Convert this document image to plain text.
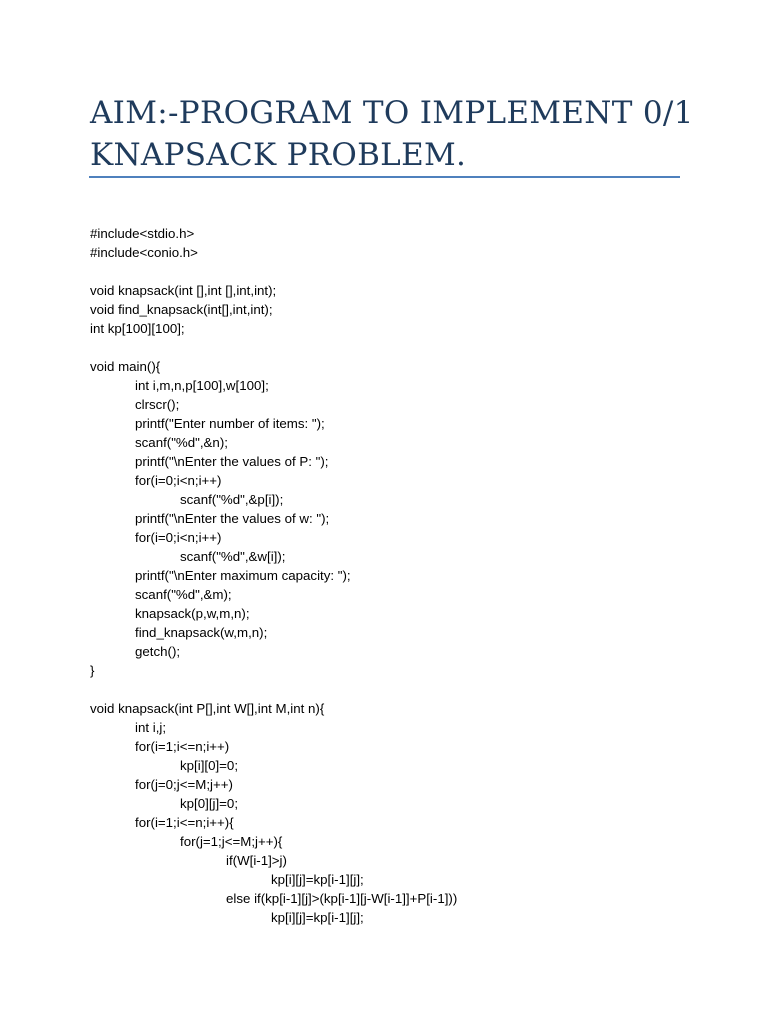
AIM:-PROGRAM TO IMPLEMENT 0/1
KNAPSACK PROBLEM.
#include<stdio.h>
#include<conio.h>
void knapsack(int [],int [],int,int);
void find_knapsack(int[],int,int);
int kp[100][100];
void main(){
int i,m,n,p[100],w[100];
clrscr();
printf("Enter number of items: ");
scanf("%d",&n);
printf("\nEnter the values of P: ");
for(i=0;i<n;i++)
scanf("%d",&p[i]);
printf("\nEnter the values of w: ");
for(i=0;i<n;i++)
scanf("%d",&w[i]);
printf("\nEnter maximum capacity: ");
scanf("%d",&m);
knapsack(p,w,m,n);
find_knapsack(w,m,n);
getch();
}
void knapsack(int P[],int W[],int M,int n){
int i,j;
for(i=1;i<=n;i++)
kp[i][0]=0;
for(j=0;j<=M;j++)
kp[0][j]=0;
for(i=1;i<=n;i++){
for(j=1;j<=M;j++){
if(W[i-1]>j)
kp[i][j]=kp[i-1][j];
else if(kp[i-1][j]>(kp[i-1][j-W[i-1]]+P[i-1]))
kp[i][j]=kp[i-1][j];
